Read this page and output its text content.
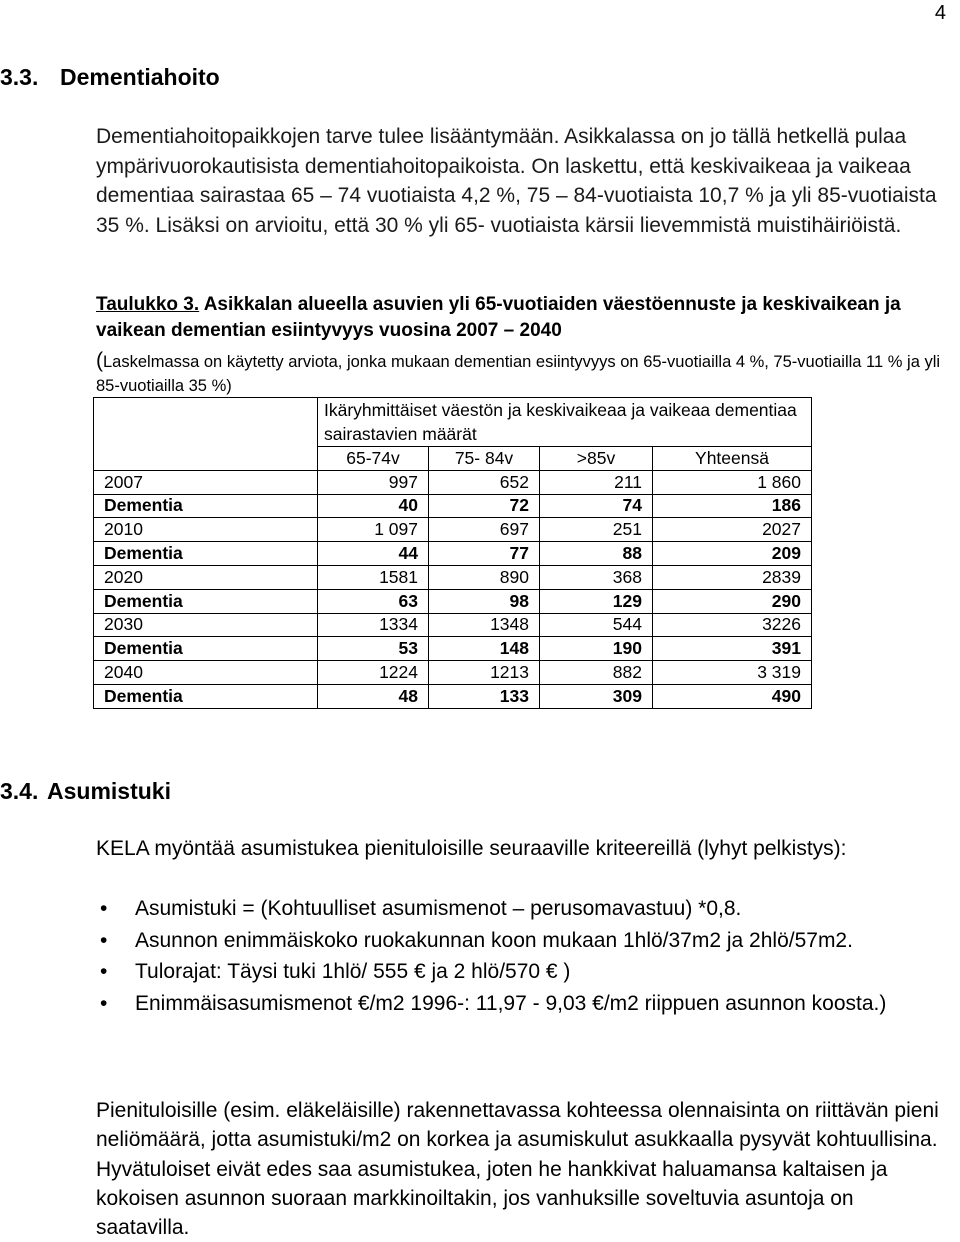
4
3.3. Dementiahoito
Dementiahoitopaikkojen tarve tulee lisääntymään. Asikkalassa on jo tällä hetkellä pulaa ympärivuorokautisista dementiahoitopaikoista. On laskettu, että keskivaikeaa ja vaikeaa dementiaa sairastaa 65 – 74 vuotiaista 4,2 %, 75 – 84-vuotiaista 10,7 % ja yli 85-vuotiaista 35 %. Lisäksi on arvioitu, että 30 % yli 65- vuotiaista kärsii lievemmistä muistihäiriöistä.
Taulukko 3. Asikkalan alueella asuvien yli 65-vuotiaiden väestöennuste ja keskivaikean ja vaikean dementian esiintyvyys vuosina 2007 – 2040
(Laskelmassa on käytetty arviota, jonka mukaan dementian esiintyvyys on 65-vuotiailla 4 %, 75-vuotiailla 11 % ja yli 85-vuotiailla 35 %)
	Ikäryhmittäiset väestön ja keskivaikeaa ja vaikeaa dementiaa sairastavien määrät			
	65-74v	75- 84v	>85v	Yhteensä
2007	997	652	211	1 860
Dementia	40	72	74	186
2010	1 097	697	251	2027
Dementia	44	77	88	209
2020	1581	890	368	2839
Dementia	63	98	129	290
2030	1334	1348	544	3226
Dementia	53	148	190	391
2040	1224	1213	882	3 319
Dementia	48	133	309	490
3.4. Asumistuki
KELA myöntää asumistukea pienituloisille seuraaville kriteereillä (lyhyt pelkistys):
• Asumistuki = (Kohtuulliset asumismenot – perusomavastuu) *0,8.
• Asunnon enimmäiskoko ruokakunnan koon mukaan 1hlö/37m2 ja 2hlö/57m2.
• Tulorajat: Täysi tuki 1hlö/ 555 € ja 2 hlö/570 € )
• Enimmäisasumismenot €/m2 1996-: 11,97 - 9,03 €/m2 riippuen asunnon koosta.)
Pienituloisille (esim. eläkeläisille) rakennettavassa kohteessa olennaisinta on riittävän pieni neliömäärä, jotta asumistuki/m2 on korkea ja asumiskulut asukkaalla pysyvät kohtuullisina. Hyvätuloiset eivät edes saa asumistukea, joten he hankkivat haluamansa kaltaisen ja kokoisen asunnon suoraan markkinoiltakin, jos vanhuksille soveltuvia asuntoja on saatavilla.
